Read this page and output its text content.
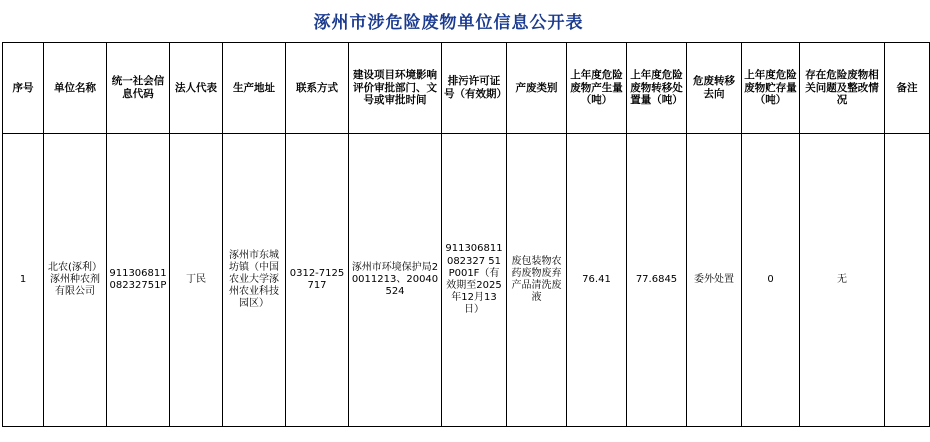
涿州市涉危险废物单位信息公开表
序号	单位名称	统一社会信息代码	法人代表	生产地址	联系方式	建设项目环境影响评价审批部门、文号或审批时间	排污许可证号（有效期）	产废类别	上年度危险废物产生量（吨）	上年度危险废物转移处置量（吨）	危废转移去向	上年度危险废物贮存量（吨）	存在危险废物相关问题及整改情况	备注
1	北农(涿利）涿州种农剂有限公司	91130681108232751P	丁民	涿州市东城坊镇（中国农业大学涿州农业科技园区）	0312-7125717	涿州市环境保护局20011213、20040524	911306811082327 51P001F（有效期至2025年12月13日）	废包装物农药废物废弃产品清洗废液	76.41	77.6845	委外处置	0	无	
